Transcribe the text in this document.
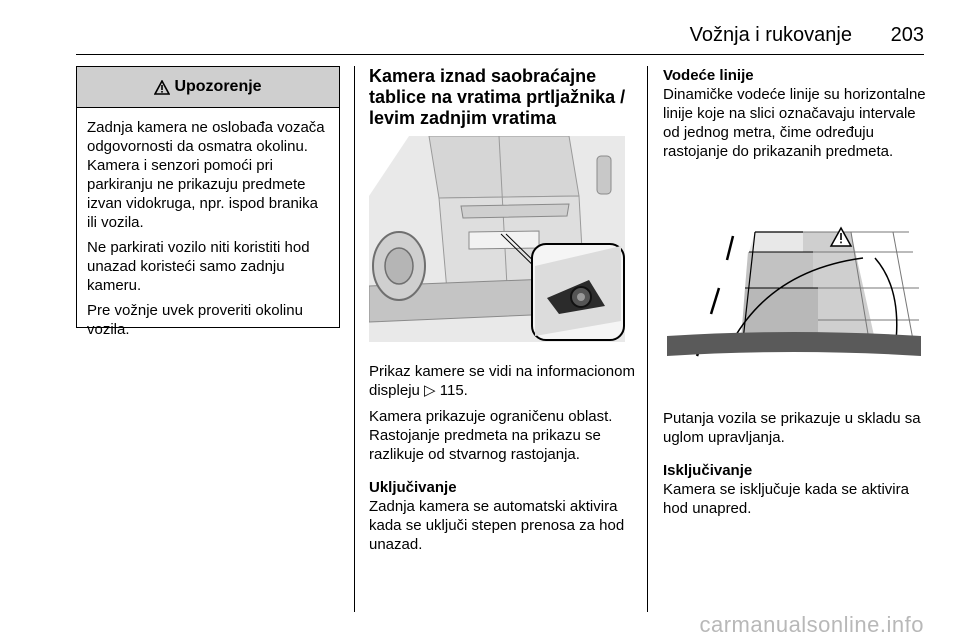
Vožnja i rukovanje 203
Upozorenje

Zadnja kamera ne oslobađa vozača odgovornosti da osmatra okolinu. Kamera i senzori pomoći pri parkiranju ne prikazuju predmete izvan vidokruga, npr. ispod branika ili vozila.

Ne parkirati vozilo niti koristiti hod unazad koristeći samo zadnju kameru.

Pre vožnje uvek proveriti okolinu vozila.

Kamera iznad saobraćajne tablice na vratima prtljažnika / levim zadnjim vratima

Prikaz kamere se vidi na informacionom displeju ▷ 115.

Kamera prikazuje ograničenu oblast. Rastojanje predmeta na prikazu se razlikuje od stvarnog rastojanja.

Uključivanje

Zadnja kamera se automatski aktivira kada se uključi stepen prenosa za hod unazad.

Vodeće linije

Dinamičke vodeće linije su horizontalne linije koje na slici označavaju intervale od jednog metra, čime određuju rastojanje do prikazanih predmeta.

Putanja vozila se prikazuje u skladu sa uglom upravljanja.

Isključivanje

Kamera se isključuje kada se aktivira hod unapred.

carmanualsonline.info
